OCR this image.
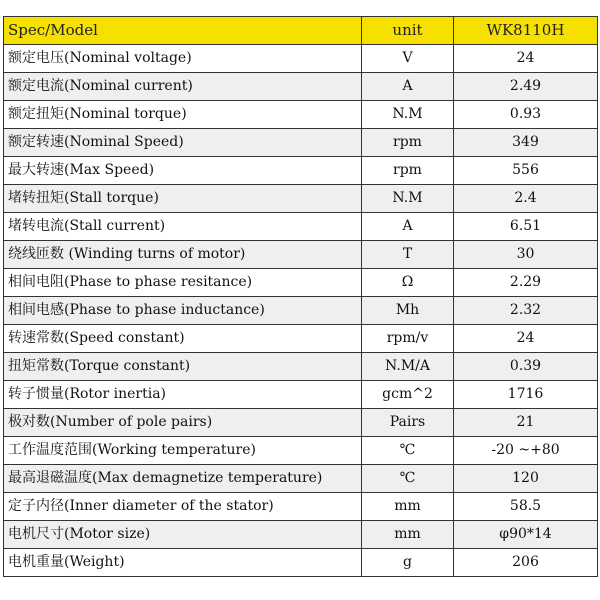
Spec/Model	unit	WK8110H
额定电压(Nominal voltage)	V	24
额定电流(Nominal current)	A	2.49
额定扭矩(Nominal torque)	N.M	0.93
额定转速(Nominal Speed)	rpm	349
最大转速(Max Speed)	rpm	556
堵转扭矩(Stall torque)	N.M	2.4
堵转电流(Stall current)	A	6.51
绕线匝数 (Winding turns of motor)	T	30
相间电阻(Phase to phase resitance)	Ω	2.29
相间电感(Phase to phase inductance)	Mh	2.32
转速常数(Speed constant)	rpm/v	24
扭矩常数(Torque constant)	N.M/A	0.39
转子惯量(Rotor inertia)	gcm^2	1716
极对数(Number of pole pairs)	Pairs	21
工作温度范围(Working temperature)	℃	-20 ~+80
最高退磁温度(Max demagnetize temperature)	℃	120
定子内径(Inner diameter of the stator)	mm	58.5
电机尺寸(Motor size)	mm	φ90*14
电机重量(Weight)	g	206
